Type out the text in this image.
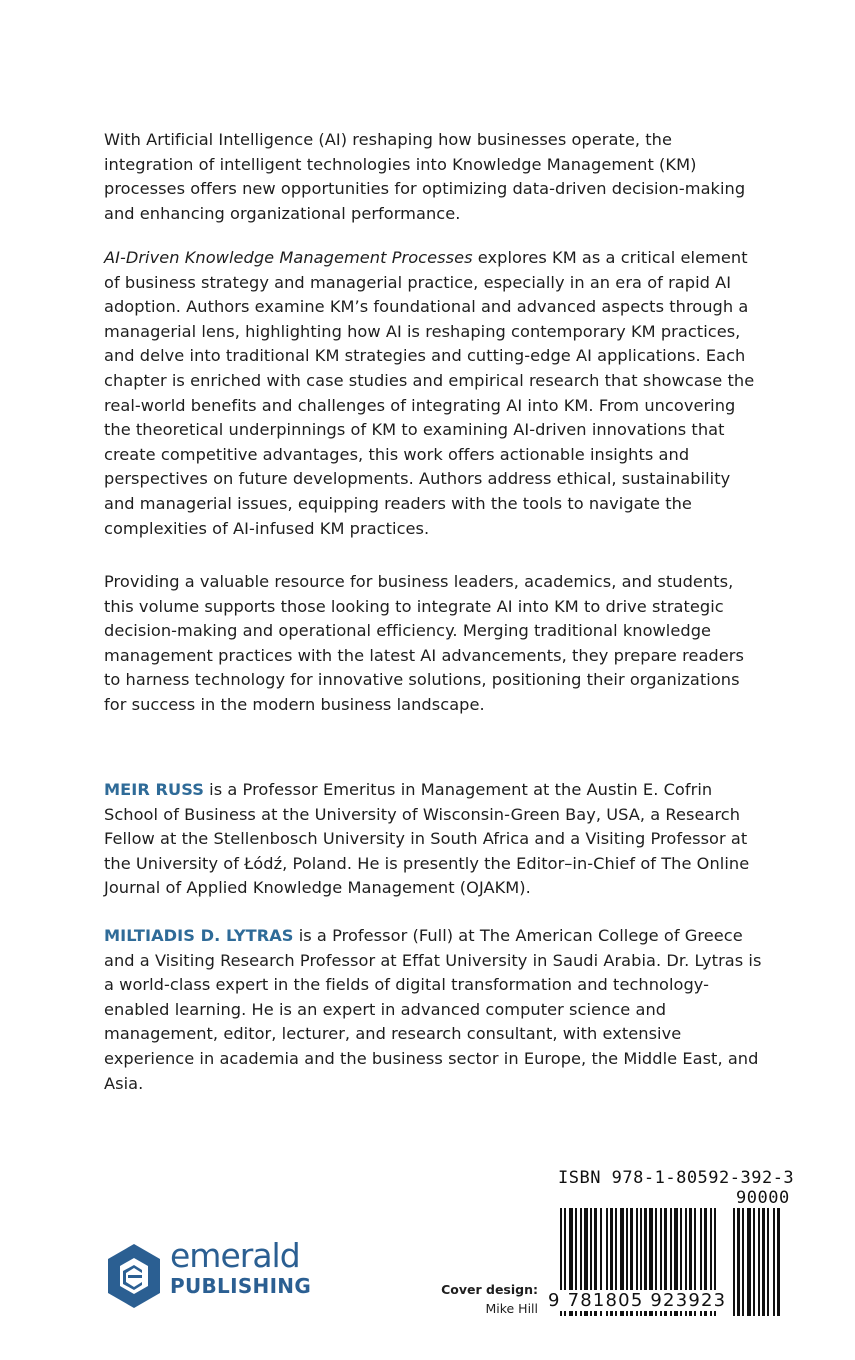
With Artificial Intelligence (AI) reshaping how businesses operate, the integration of intelligent technologies into Knowledge Management (KM) processes offers new opportunities for optimizing data-driven decision-making and enhancing organizational performance.

AI-Driven Knowledge Management Processes explores KM as a critical element of business strategy and managerial practice, especially in an era of rapid AI adoption. Authors examine KM’s foundational and advanced aspects through a managerial lens, highlighting how AI is reshaping contemporary KM practices, and delve into traditional KM strategies and cutting-edge AI applications. Each chapter is enriched with case studies and empirical research that showcase the real-world benefits and challenges of integrating AI into KM. From uncovering the theoretical underpinnings of KM to examining AI-driven innovations that create competitive advantages, this work offers actionable insights and perspectives on future developments. Authors address ethical, sustainability and managerial issues, equipping readers with the tools to navigate the complexities of AI-infused KM practices.

Providing a valuable resource for business leaders, academics, and students, this volume supports those looking to integrate AI into KM to drive strategic decision-making and operational efficiency. Merging traditional knowledge management practices with the latest AI advancements, they prepare readers to harness technology for innovative solutions, positioning their organizations for success in the modern business landscape.

MEIR RUSS is a Professor Emeritus in Management at the Austin E. Cofrin School of Business at the University of Wisconsin-Green Bay, USA, a Research Fellow at the Stellenbosch University in South Africa and a Visiting Professor at the University of Łódź, Poland. He is presently the Editor–in-Chief of The Online Journal of Applied Knowledge Management (OJAKM).

MILTIADIS D. LYTRAS is a Professor (Full) at The American College of Greece and a Visiting Research Professor at Effat University in Saudi Arabia. Dr. Lytras is a world-class expert in the fields of digital transformation and technology-enabled learning. He is an expert in advanced computer science and management, editor, lecturer, and research consultant, with extensive experience in academia and the business sector in Europe, the Middle East, and Asia.

emerald
PUBLISHING	Cover design:
Mike Hill
ISBN 978-1-80592-392-3
90000
9 781805 923923
